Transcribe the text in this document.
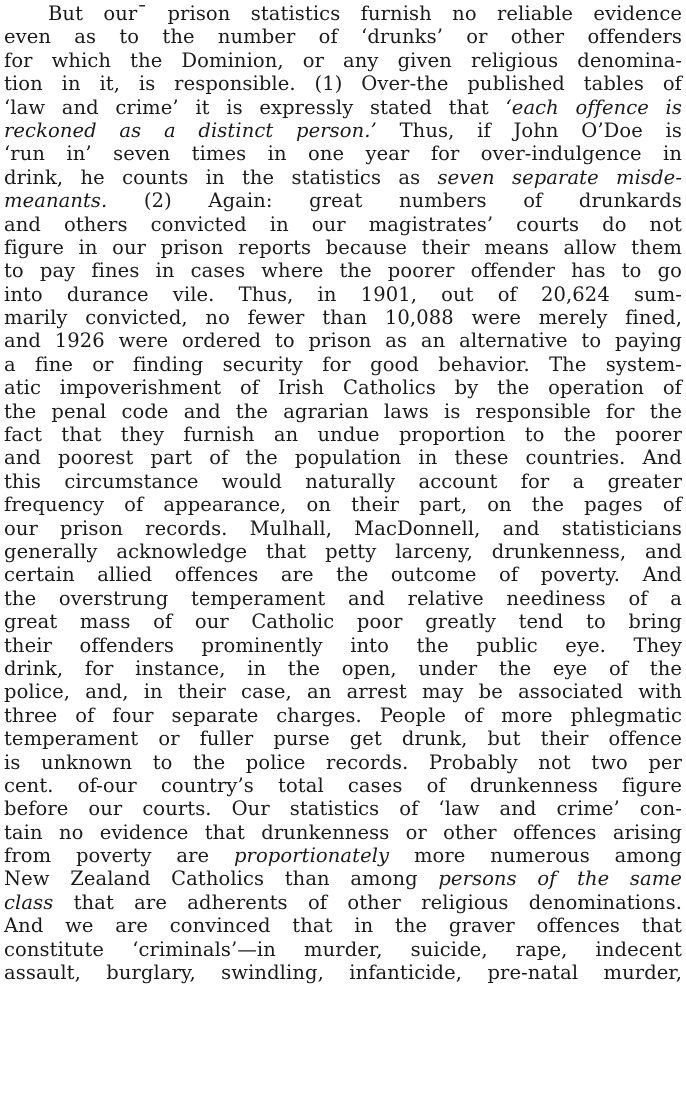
But our¯ prison statistics furnish no reliable evidence
even as to the number of ‘drunks’ or other offenders
for which the Dominion, or any given religious denomina-
tion in it, is responsible. (1) Over-the published tables of
‘law and crime’ it is expressly stated that ‘each offence is
reckoned as a distinct person.’ Thus, if John O’Doe is
‘run in’ seven times in one year for over-indulgence in
drink, he counts in the statistics as seven separate misde-
meanants. (2) Again: great numbers of drunkards
and others convicted in our magistrates’ courts do not
figure in our prison reports because their means allow them
to pay fines in cases where the poorer offender has to go
into durance vile. Thus, in 1901, out of 20,624 sum-
marily convicted, no fewer than 10,088 were merely fined,
and 1926 were ordered to prison as an alternative to paying
a fine or finding security for good behavior. The system-
atic impoverishment of Irish Catholics by the operation of
the penal code and the agrarian laws is responsible for the
fact that they furnish an undue proportion to the poorer
and poorest part of the population in these countries. And
this circumstance would naturally account for a greater
frequency of appearance, on their part, on the pages of
our prison records. Mulhall, MacDonnell, and statisticians
generally acknowledge that petty larceny, drunkenness, and
certain allied offences are the outcome of poverty. And
the overstrung temperament and relative neediness of a
great mass of our Catholic poor greatly tend to bring
their offenders prominently into the public eye. They
drink, for instance, in the open, under the eye of the
police, and, in their case, an arrest may be associated with
three of four separate charges. People of more phlegmatic
temperament or fuller purse get drunk, but their offence
is unknown to the police records. Probably not two per
cent. of-our country’s total cases of drunkenness figure
before our courts. Our statistics of ‘law and crime’ con-
tain no evidence that drunkenness or other offences arising
from poverty are proportionately more numerous among
New Zealand Catholics than among persons of the same
class that are adherents of other religious denominations.
And we are convinced that in the graver offences that
constitute ‘criminals’—in murder, suicide, rape, indecent
assault, burglary, swindling, infanticide, pre-natal murder,
